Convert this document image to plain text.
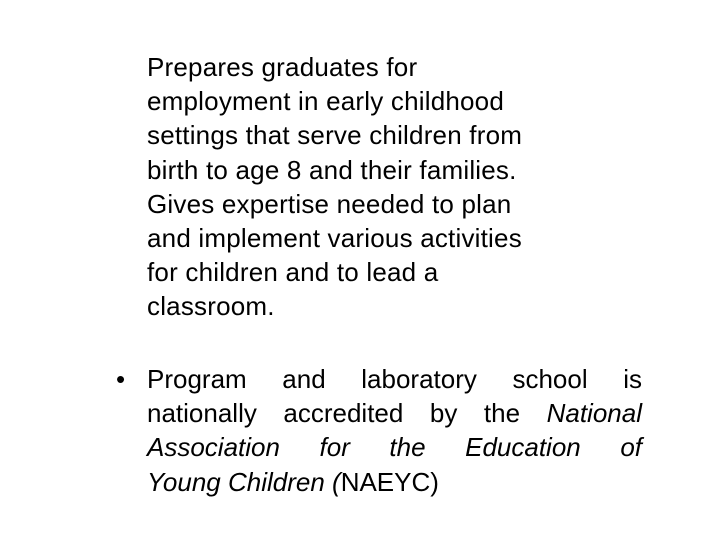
Prepares graduates for
employment in early childhood
settings that serve children from
birth to age 8 and their families.
Gives expertise needed to plan
and implement various activities
for children and to lead a
classroom.
• Program and laboratory school is
nationally accredited by the National
Association for the Education of
Young Children ( NAEYC)
